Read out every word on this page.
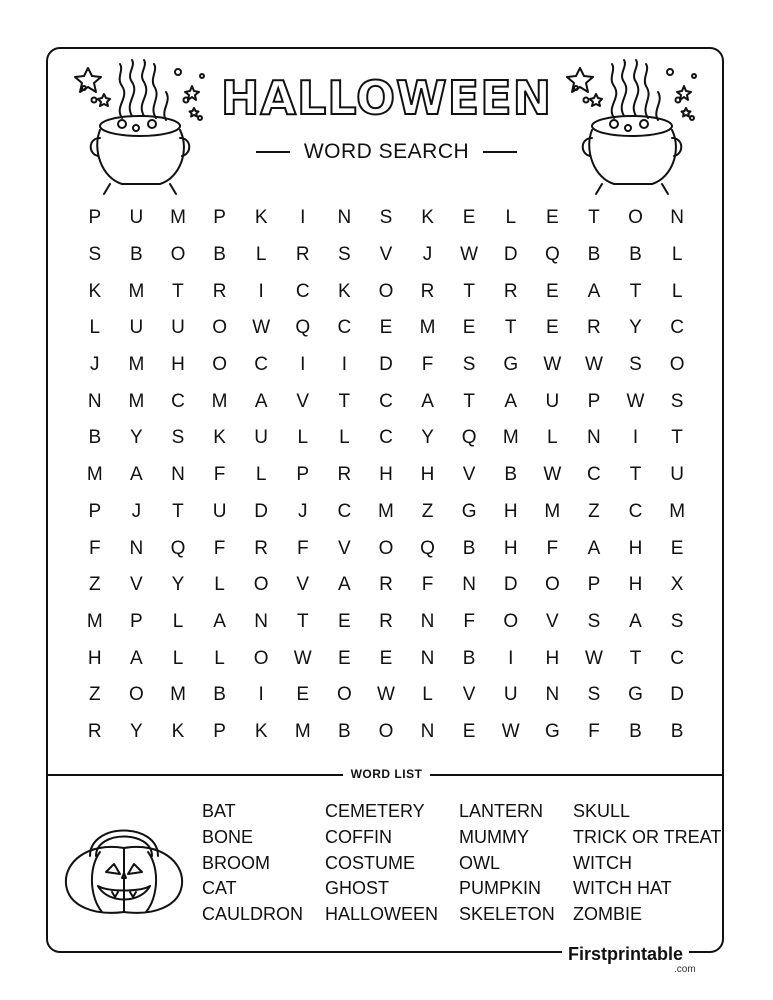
HALLOWEEN
WORD SEARCH
P	U	M	P	K	I	N	S	K	E	L	E	T	O	N
S	B	O	B	L	R	S	V	J	W	D	Q	B	B	L
K	M	T	R	I	C	K	O	R	T	R	E	A	T	L
L	U	U	O	W	Q	C	E	M	E	T	E	R	Y	C
J	M	H	O	C	I	I	D	F	S	G	W	W	S	O
N	M	C	M	A	V	T	C	A	T	A	U	P	W	S
B	Y	S	K	U	L	L	C	Y	Q	M	L	N	I	T
M	A	N	F	L	P	R	H	H	V	B	W	C	T	U
P	J	T	U	D	J	C	M	Z	G	H	M	Z	C	M
F	N	Q	F	R	F	V	O	Q	B	H	F	A	H	E
Z	V	Y	L	O	V	A	R	F	N	D	O	P	H	X
M	P	L	A	N	T	E	R	N	F	O	V	S	A	S
H	A	L	L	O	W	E	E	N	B	I	H	W	T	C
Z	O	M	B	I	E	O	W	L	V	U	N	S	G	D
R	Y	K	P	K	M	B	O	N	E	W	G	F	B	B
WORD LIST
BAT
BONE
BROOM
CAT
CAULDRON
CEMETERY
COFFIN
COSTUME
GHOST
HALLOWEEN
LANTERN
MUMMY
OWL
PUMPKIN
SKELETON
SKULL
TRICK OR TREAT
WITCH
WITCH HAT
ZOMBIE
Firstprintable
.com
